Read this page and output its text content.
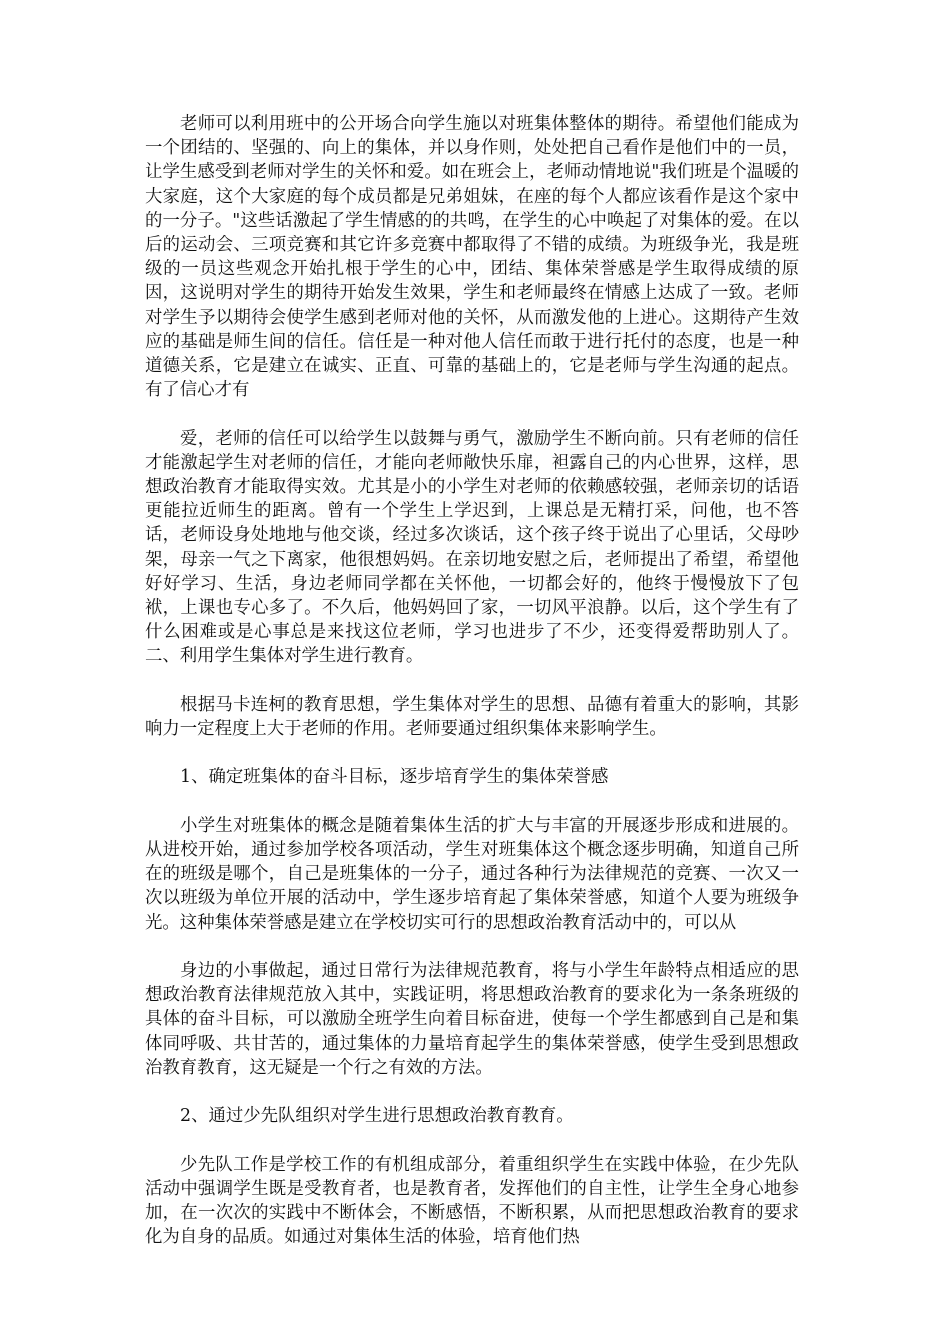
老师可以利用班中的公开场合向学生施以对班集体整体的期待。希望他们能成为一个团结的、坚强的、向上的集体，并以身作则，处处把自己看作是他们中的一员，让学生感受到老师对学生的关怀和爱。如在班会上，老师动情地说"我们班是个温暖的大家庭，这个大家庭的每个成员都是兄弟姐妹，在座的每个人都应该看作是这个家中的一分子。"这些话激起了学生情感的的共鸣，在学生的心中唤起了对集体的爱。在以后的运动会、三项竞赛和其它许多竞赛中都取得了不错的成绩。为班级争光，我是班级的一员这些观念开始扎根于学生的心中，团结、集体荣誉感是学生取得成绩的原因，这说明对学生的期待开始发生效果，学生和老师最终在情感上达成了一致。老师对学生予以期待会使学生感到老师对他的关怀，从而激发他的上进心。这期待产生效应的基础是师生间的信任。信任是一种对他人信任而敢于进行托付的态度，也是一种道德关系，它是建立在诚实、正直、可靠的基础上的，它是老师与学生沟通的起点。有了信心才有

爱，老师的信任可以给学生以鼓舞与勇气，激励学生不断向前。只有老师的信任才能激起学生对老师的信任，才能向老师敞快乐扉，袒露自己的内心世界，这样，思想政治教育才能取得实效。尤其是小的小学生对老师的依赖感较强，老师亲切的话语更能拉近师生的距离。曾有一个学生上学迟到，上课总是无精打采，问他，也不答话，老师设身处地地与他交谈，经过多次谈话，这个孩子终于说出了心里话，父母吵架，母亲一气之下离家，他很想妈妈。在亲切地安慰之后，老师提出了希望，希望他好好学习、生活，身边老师同学都在关怀他，一切都会好的，他终于慢慢放下了包袱，上课也专心多了。不久后，他妈妈回了家，一切风平浪静。以后，这个学生有了什么困难或是心事总是来找这位老师，学习也进步了不少，还变得爱帮助别人了。二、利用学生集体对学生进行教育。

根据马卡连柯的教育思想，学生集体对学生的思想、品德有着重大的影响，其影响力一定程度上大于老师的作用。老师要通过组织集体来影响学生。

1、确定班集体的奋斗目标，逐步培育学生的集体荣誉感

小学生对班集体的概念是随着集体生活的扩大与丰富的开展逐步形成和进展的。从进校开始，通过参加学校各项活动，学生对班集体这个概念逐步明确，知道自己所在的班级是哪个，自己是班集体的一分子，通过各种行为法律规范的竞赛、一次又一次以班级为单位开展的活动中，学生逐步培育起了集体荣誉感，知道个人要为班级争光。这种集体荣誉感是建立在学校切实可行的思想政治教育活动中的，可以从

身边的小事做起，通过日常行为法律规范教育，将与小学生年龄特点相适应的思想政治教育法律规范放入其中，实践证明，将思想政治教育的要求化为一条条班级的具体的奋斗目标，可以激励全班学生向着目标奋进，使每一个学生都感到自己是和集体同呼吸、共甘苦的，通过集体的力量培育起学生的集体荣誉感，使学生受到思想政治教育教育，这无疑是一个行之有效的方法。

2、通过少先队组织对学生进行思想政治教育教育。

少先队工作是学校工作的有机组成部分，着重组织学生在实践中体验，在少先队活动中强调学生既是受教育者，也是教育者，发挥他们的自主性，让学生全身心地参加，在一次次的实践中不断体会，不断感悟，不断积累，从而把思想政治教育的要求化为自身的品质。如通过对集体生活的体验，培育他们热
